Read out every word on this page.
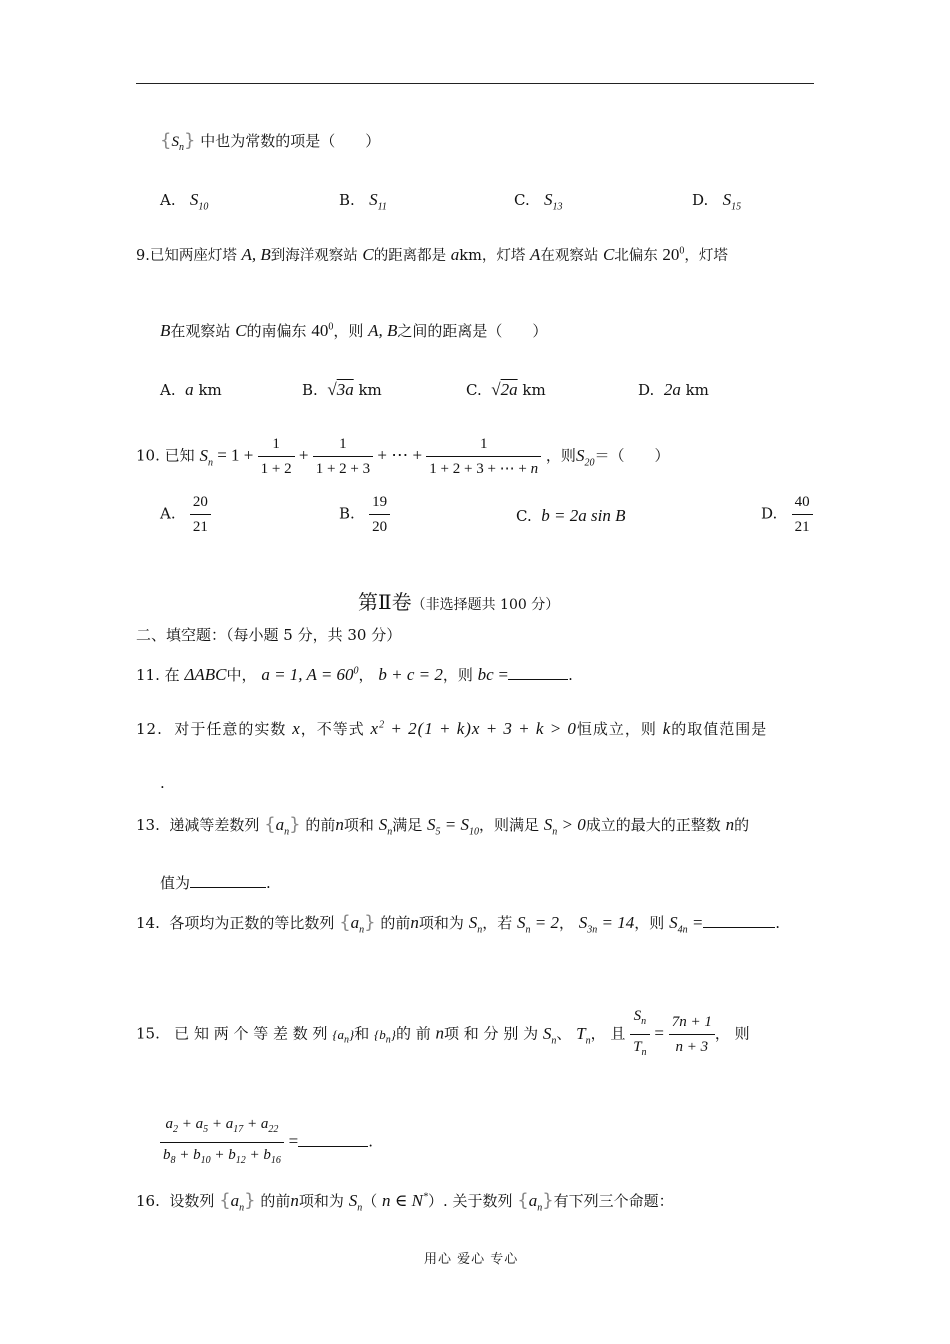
$\{S_n\}$ 中也为常数的项是（　　）
A. $S_{10}$	B. $S_{11}$	C. $S_{13}$	D. $S_{15}$
9.已知两座灯塔 A, B到海洋观察站 C的距离都是 akm，灯塔 A在观察站 C北偏东 $20^0$，灯塔
B在观察站 C的南偏东 $40^0$，则 A, B之间的距离是（　　）
A. a km	B. √3a km	C. √2a km	D. 2a km
10. 已知 $S_n = 1 + \frac{1}{1 + 2} + \frac{1}{1 + 2 + 3}$ + ⋯ + $\frac{1}{1 + 2 + 3 + \cdots + n}$ ，则$S_{20}=$（　　）
A. $\frac{20}{21}$	B. $\frac{19}{20}$	C. b = 2a sin B	D. $\frac{40}{21}$
第Ⅱ卷（非选择题共 100 分）
二、填空题：（每小题 5 分，共 30 分）
11. 在 ΔABC中， a = 1, $A = 60^0$， b + c = 2，则 bc =	.
12. 对于任意的实数 x，不等式 $x^2 + 2(1 + k)x + 3 + k > 0$恒成立，则 k的取值范围是
.
13. 递减等差数列 $\{a_n\}$ 的前n项和 $S_n$满足 $S_5 = S_{10}$，则满足 $S_n > 0$成立的最大的正整数 n的
值为	.
14. 各项均为正数的等比数列 $\{a_n\}$ 的前n项和为 $S_n$，若 $S_n = 2$， $S_{3n} = 14$，则 $S_{4n}$ =	.
15. 已 知 两 个 等 差 数 列 $\{a_n\}$和 $\{b_n\}$的 前 n项 和 分 别 为 $S_n$、 $T_n$， 且 $\frac{S_n}{T_n} = \frac{7n + 1}{n + 3}$ ， 则
$\frac{a_2 + a_5 + a_{17} + a_{22}}{b_8 + b_{10} + b_{12} + b_{16}}$ =	.
16. 设数列 $\{a_n\}$ 的前n项和为 $S_n$（ n ∈ N*）. 关于数列 $\{a_n\}$有下列三个命题：
用心 爱心 专心
